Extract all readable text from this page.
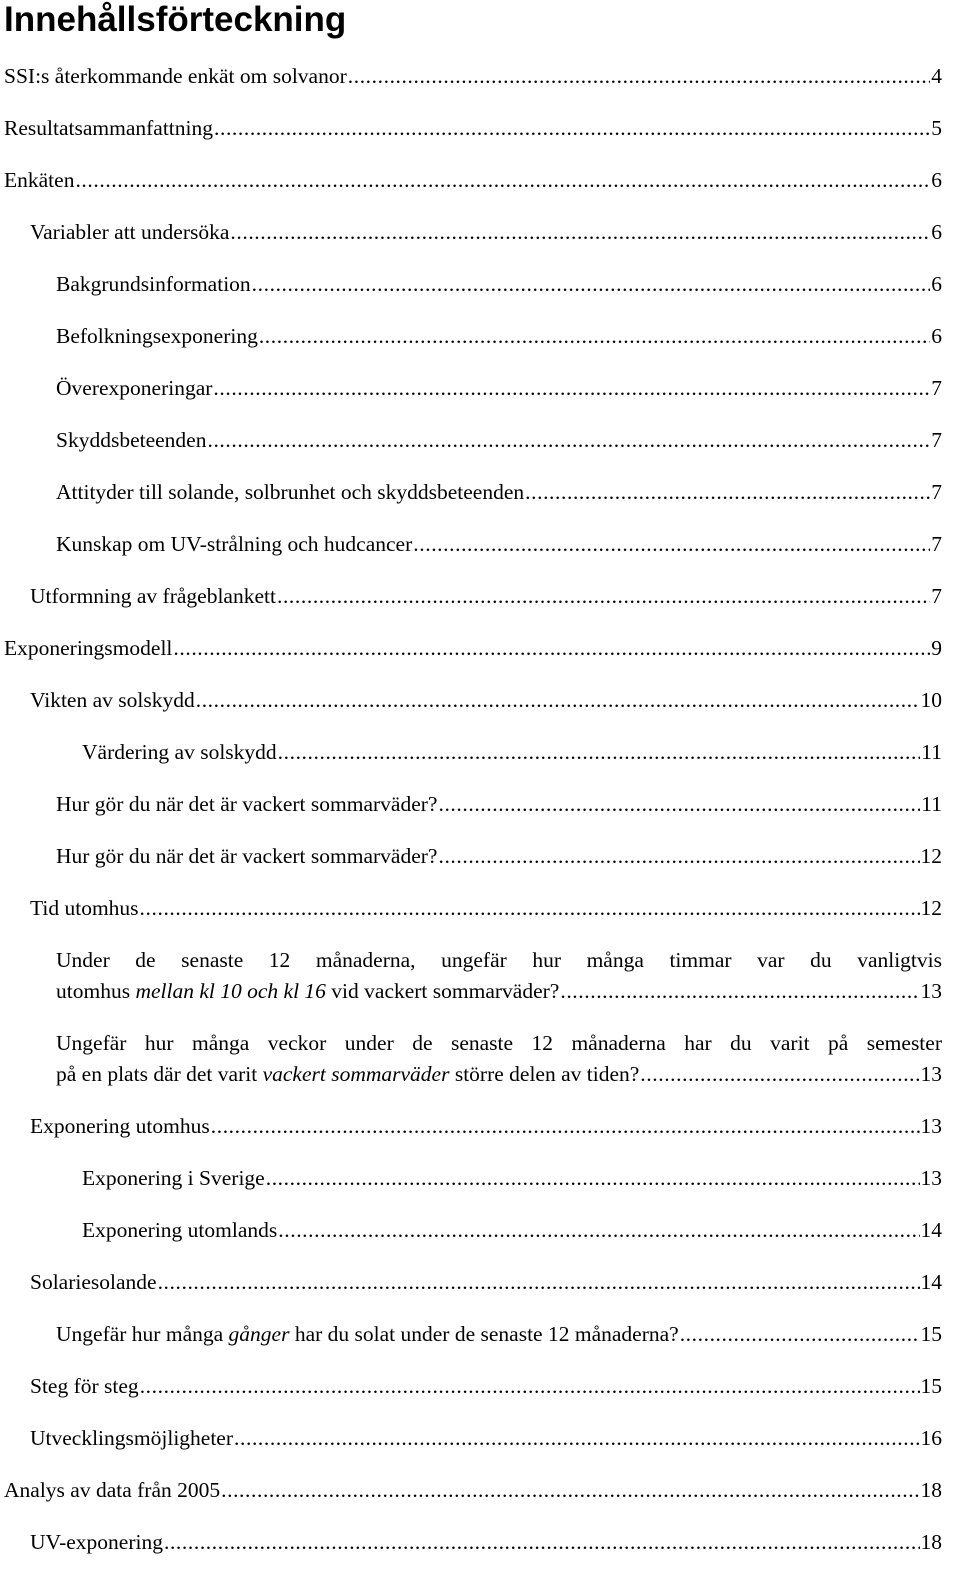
Innehållsförteckning
SSI:s återkommande enkät om solvanor .....	4
Resultatsammanfattning .....	5
Enkäten .....	6
Variabler att undersöka .....	6
Bakgrundsinformation .....	6
Befolkningsexponering .....	6
Överexponeringar .....	7
Skyddsbeteenden .....	7
Attityder till solande, solbrunhet och skyddsbeteenden .....	7
Kunskap om UV-strålning och hudcancer .....	7
Utformning av frågeblankett .....	7
Exponeringsmodell .....	9
Vikten av solskydd .....	10
Värdering av solskydd .....	11
Hur gör du när det är vackert sommarväder? .....	11
Hur gör du när det är vackert sommarväder? .....	12
Tid utomhus .....	12
Under de senaste 12 månaderna, ungefär hur många timmar var du vanligtvis
utomhus mellan kl 10 och kl 16 vid vackert sommarväder? .....	13
Ungefär hur många veckor under de senaste 12 månaderna har du varit på semester
på en plats där det varit vackert sommarväder större delen av tiden? .....	13
Exponering utomhus .....	13
Exponering i Sverige .....	13
Exponering utomlands .....	14
Solariesolande .....	14
Ungefär hur många gånger har du solat under de senaste 12 månaderna? .....	15
Steg för steg .....	15
Utvecklingsmöjligheter .....	16
Analys av data från 2005 .....	18
UV-exponering .....	18
